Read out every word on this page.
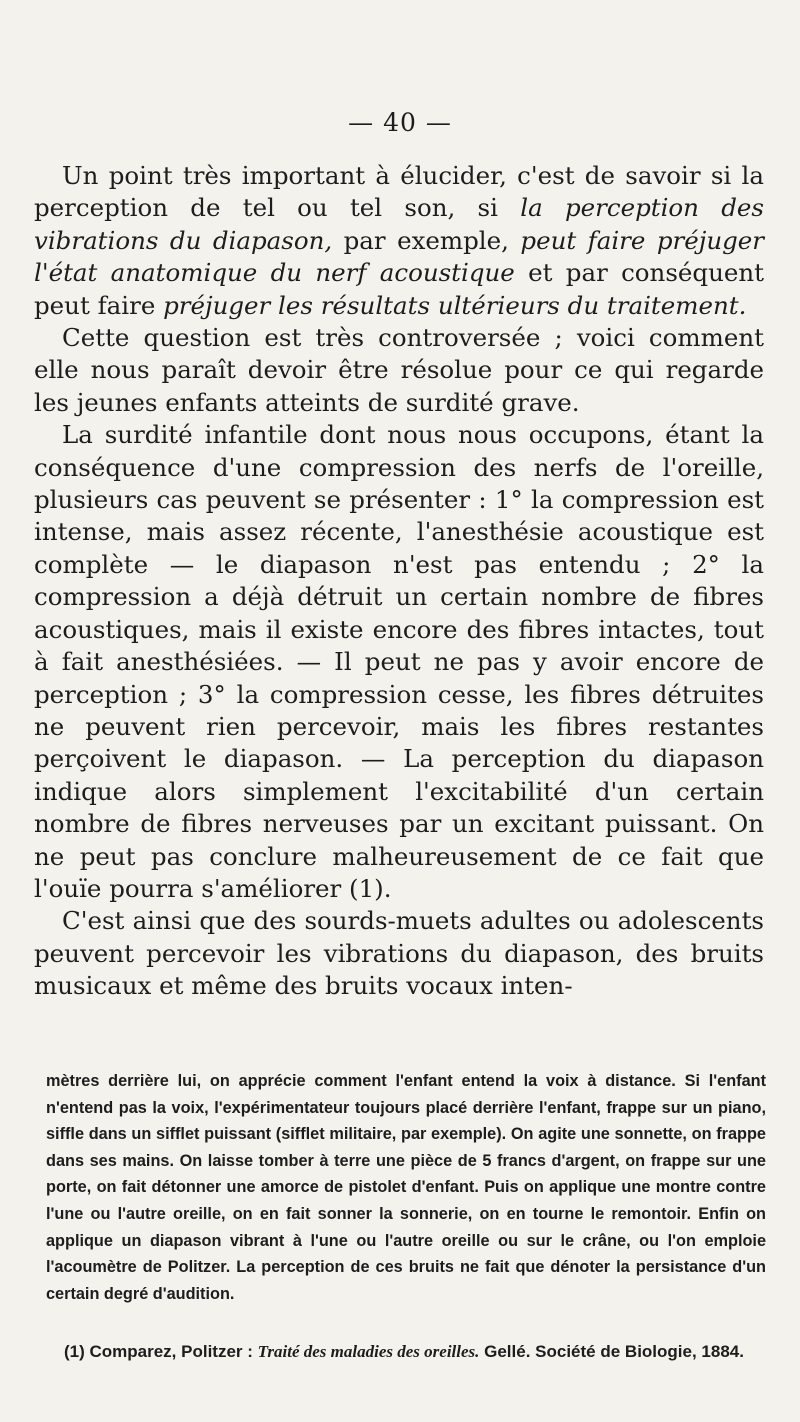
— 40 —

Un point très important à élucider, c'est de savoir si la perception de tel ou tel son, si la perception des vibrations du diapason, par exemple, peut faire préjuger l'état anatomique du nerf acoustique et par conséquent peut faire préjuger les résultats ultérieurs du traitement.

Cette question est très controversée ; voici comment elle nous paraît devoir être résolue pour ce qui regarde les jeunes enfants atteints de surdité grave.

La surdité infantile dont nous nous occupons, étant la conséquence d'une compression des nerfs de l'oreille, plusieurs cas peuvent se présenter : 1° la compression est intense, mais assez récente, l'anesthésie acoustique est complète — le diapason n'est pas entendu ; 2° la compression a déjà détruit un certain nombre de fibres acoustiques, mais il existe encore des fibres intactes, tout à fait anesthésiées. — Il peut ne pas y avoir encore de perception ; 3° la compression cesse, les fibres détruites ne peuvent rien percevoir, mais les fibres restantes perçoivent le diapason. — La perception du diapason indique alors simplement l'excitabilité d'un certain nombre de fibres nerveuses par un excitant puissant. On ne peut pas conclure malheureusement de ce fait que l'ouïe pourra s'améliorer (1).

C'est ainsi que des sourds-muets adultes ou adolescents peuvent percevoir les vibrations du diapason, des bruits musicaux et même des bruits vocaux inten-

mètres derrière lui, on apprécie comment l'enfant entend la voix à distance. Si l'enfant n'entend pas la voix, l'expérimentateur toujours placé derrière l'enfant, frappe sur un piano, siffle dans un sifflet puissant (sifflet militaire, par exemple). On agite une sonnette, on frappe dans ses mains. On laisse tomber à terre une pièce de 5 francs d'argent, on frappe sur une porte, on fait détonner une amorce de pistolet d'enfant. Puis on applique une montre contre l'une ou l'autre oreille, on en fait sonner la sonnerie, on en tourne le remontoir. Enfin on applique un diapason vibrant à l'une ou l'autre oreille ou sur le crâne, ou l'on emploie l'acoumètre de Politzer. La perception de ces bruits ne fait que dénoter la persistance d'un certain degré d'audition.

(1) Comparez, Politzer : Traité des maladies des oreilles. Gellé. Société de Biologie, 1884.
